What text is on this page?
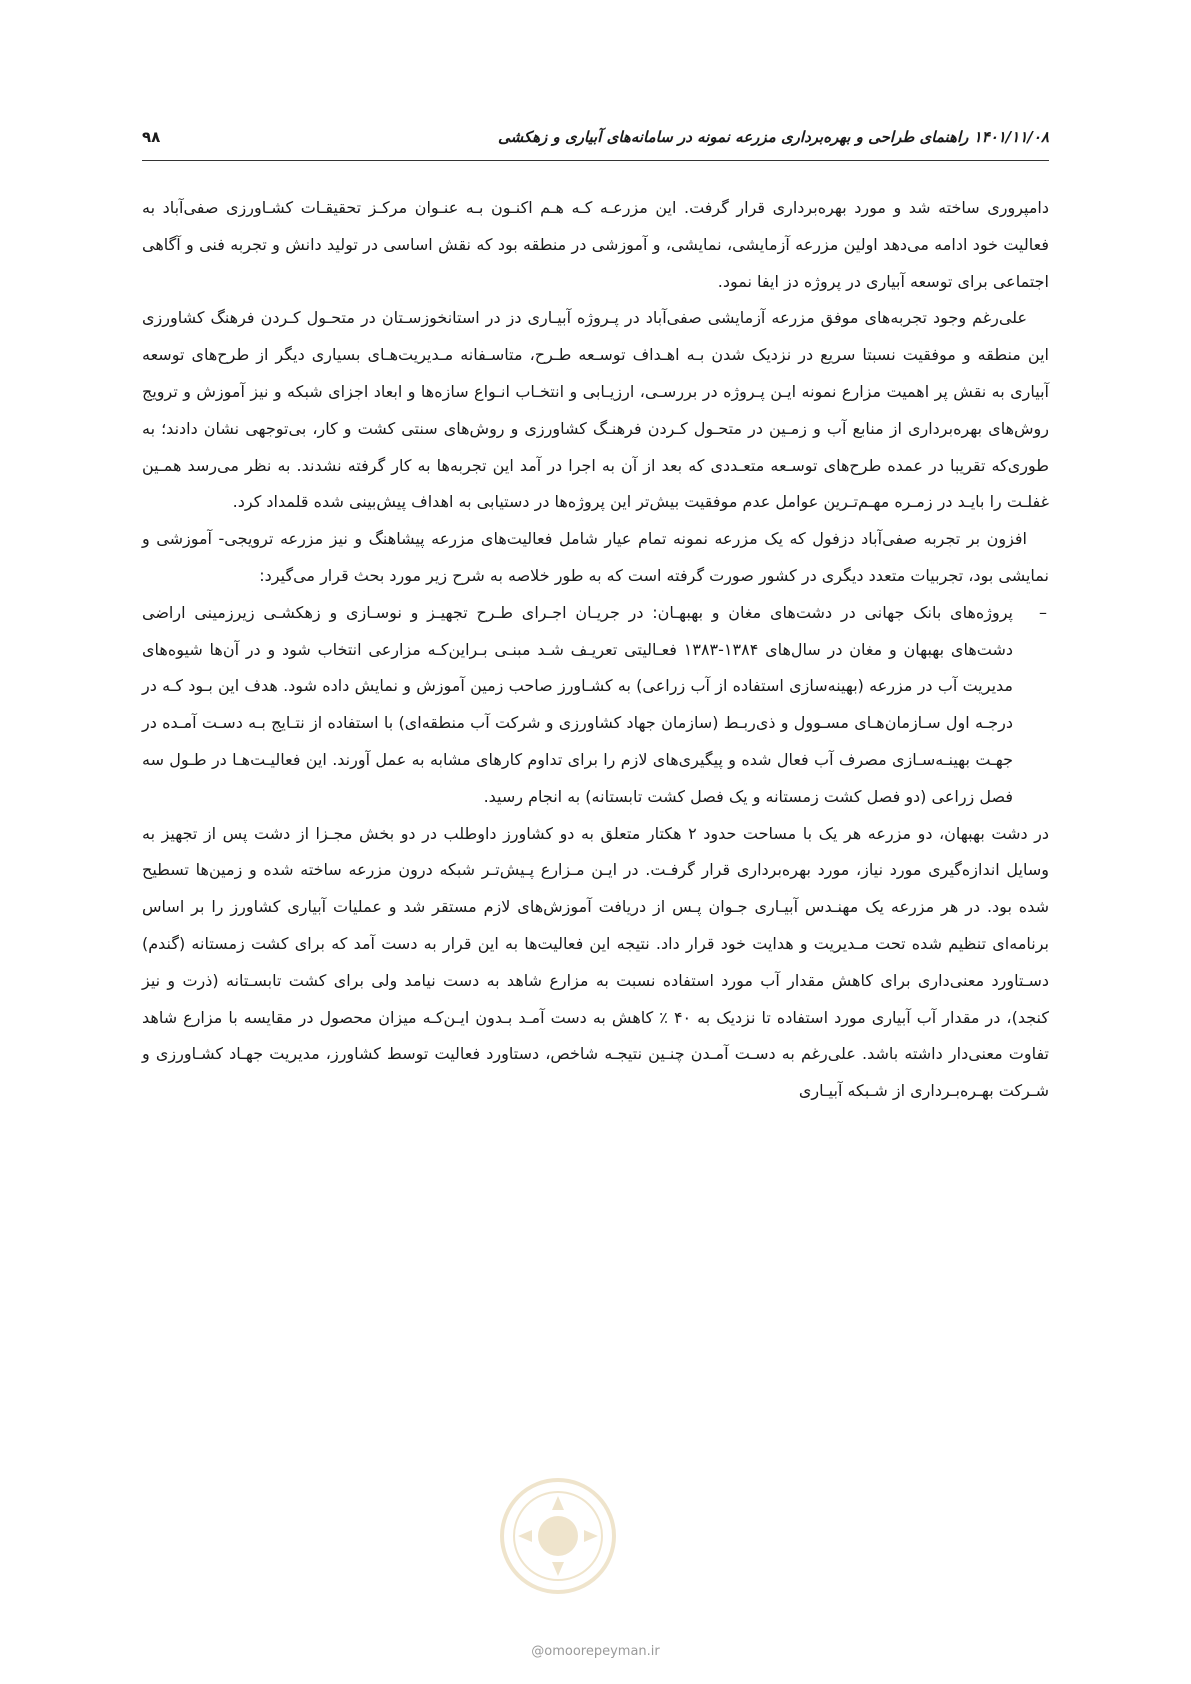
۱۴۰۱/۱۱/۰۸ راهنمای طراحی و بهره‌برداری مزرعه نمونه در سامانه‌های آبیاری و زهکشی
۹۸

دامپروری ساخته شد و مورد بهره‌برداری قرار گرفت. این مزرعـه کـه هـم اکنـون بـه عنـوان مرکـز تحقیقـات کشـاورزی صفی‌آباد به فعالیت خود ادامه می‌دهد اولین مزرعه آزمایشی، نمایشی، و آموزشی در منطقه بود که نقش اساسی در تولید دانش و تجربه فنی و آگاهی اجتماعی برای توسعه آبیاری در پروژه دز ایفا نمود.

علی‌رغم وجود تجربه‌های موفق مزرعه آزمایشی صفی‌آباد در پـروژه آبیـاری دز در استانخوزسـتان در متحـول کـردن فرهنگ کشاورزی این منطقه و موفقیت نسبتا سریع در نزدیک شدن بـه اهـداف توسـعه طـرح، متاسـفانه مـدیریت‌هـای بسیاری دیگر از طرح‌های توسعه آبیاری به نقش پر اهمیت مزارع نمونه ایـن پـروژه در بررسـی، ارزیـابی و انتخـاب انـواع سازه‌ها و ابعاد اجزای شبکه و نیز آموزش و ترویج روش‌های بهره‌برداری از منابع آب و زمـین در متحـول کـردن فرهنـگ کشاورزی و روش‌های سنتی کشت و کار، بی‌توجهی نشان دادند؛ به طوری‌که تقریبا در عمده طرح‌های توسـعه متعـددی که بعد از آن به اجرا در آمد این تجربه‌ها به کار گرفته نشدند. به نظر می‌رسد همـین غفلـت را بایـد در زمـره مهـم‌تـرین عوامل عدم موفقیت بیش‌تر این پروژه‌ها در دستیابی به اهداف پیش‌بینی شده قلمداد کرد.

افزون بر تجربه صفی‌آباد دزفول که یک مزرعه نمونه تمام عیار شامل فعالیت‌های مزرعه پیشاهنگ و نیز مزرعه ترویجی- آموزشی و نمایشی بود، تجربیات متعدد دیگری در کشور صورت گرفته است که به طور خلاصه به شرح زیر مورد بحث قرار می‌گیرد:

–

پروژه‌های بانک جهانی در دشت‌های مغان و بهبهـان: در جریـان اجـرای طـرح تجهیـز و نوسـازی و زهکشـی زیرزمینی اراضی دشت‌های بهبهان و مغان در سال‌های ۱۳۸۴-۱۳۸۳ فعـالیتی تعریـف شـد مبنـی بـراین‌کـه مزارعی انتخاب شود و در آن‌ها شیوه‌های مدیریت آب در مزرعه (بهینه‌سازی استفاده از آب زراعی) به کشـاورز صاحب زمین آموزش و نمایش داده شود. هدف این بـود کـه در درجـه اول سـازمان‌هـای مسـوول و ذی‌ربـط (سازمان جهاد کشاورزی و شرکت آب منطقه‌ای) با استفاده از نتـایج بـه دسـت آمـده در جهـت بهینـه‌سـازی مصرف آب فعال شده و پیگیری‌های لازم را برای تداوم کارهای مشابه به عمل آورند. این فعالیـت‌هـا در طـول سه فصل زراعی (دو فصل کشت زمستانه و یک فصل کشت تابستانه) به انجام رسید.

در دشت بهبهان، دو مزرعه هر یک با مساحت حدود ۲ هکتار متعلق به دو کشاورز داوطلب در دو بخش مجـزا از دشت پس از تجهیز به وسایل اندازه‌گیری مورد نیاز، مورد بهره‌برداری قرار گرفـت. در ایـن مـزارع پـیش‌تـر شبکه درون مزرعه ساخته شده و زمین‌ها تسطیح شده بود. در هر مزرعه یک مهنـدس آبیـاری جـوان پـس از دریافت آموزش‌های لازم مستقر شد و عملیات آبیاری کشاورز را بر اساس برنامه‌ای تنظیم شده تحت مـدیریت و هدایت خود قرار داد. نتیجه این فعالیت‌ها به این قرار به دست آمد که برای کشت زمستانه (گندم) دسـتاورد معنی‌داری برای کاهش مقدار آب مورد استفاده نسبت به مزارع شاهد به دست نیامد ولی برای کشت تابسـتانه (ذرت و نیز کنجد)، در مقدار آب آبیاری مورد استفاده تا نزدیک به ۴۰ ٪ کاهش به دست آمـد بـدون ایـن‌کـه میزان محصول در مقایسه با مزارع شاهد تفاوت معنی‌دار داشته باشد. علی‌رغم به دسـت آمـدن چنـین نتیجـه شاخص، دستاورد فعالیت توسط کشاورز، مدیریت جهـاد کشـاورزی و شـرکت بهـره‌بـرداری از شـبکه آبیـاری

@omoorepeyman.ir
